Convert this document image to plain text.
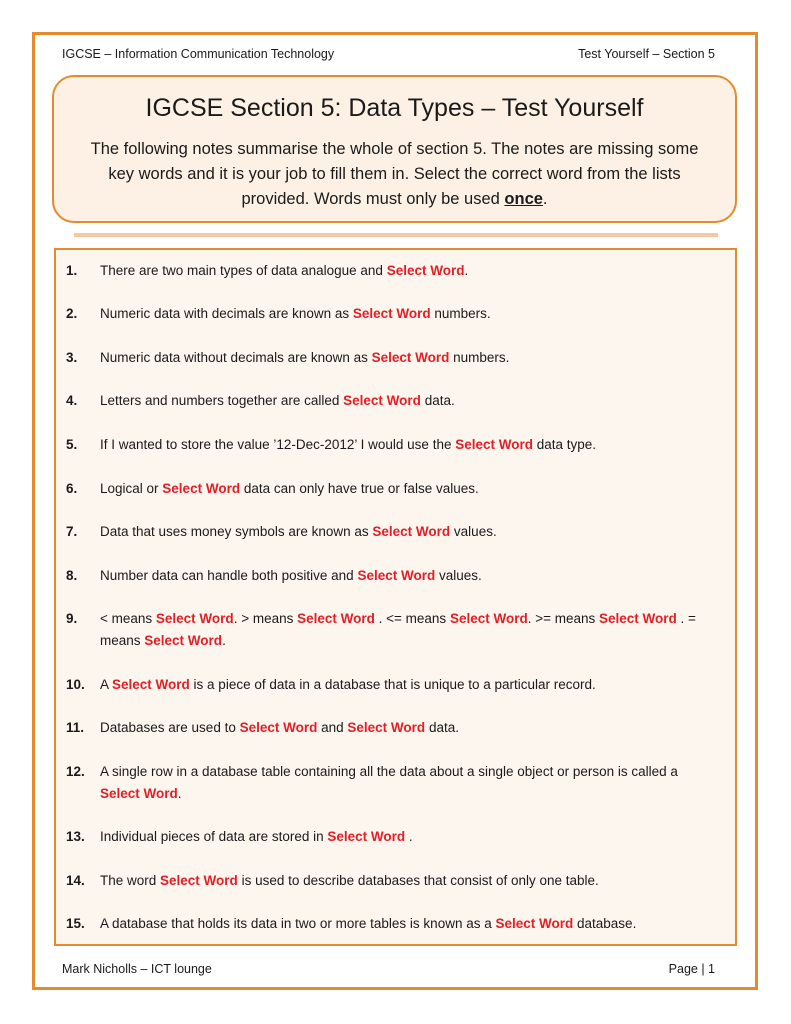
IGCSE – Information Communication Technology	Test Yourself – Section 5
IGCSE Section 5: Data Types – Test Yourself
The following notes summarise the whole of section 5. The notes are missing some key words and it is your job to fill them in. Select the correct word from the lists provided. Words must only be used once.
1.	There are two main types of data analogue and Select Word.
2.	Numeric data with decimals are known as Select Word numbers.
3.	Numeric data without decimals are known as Select Word numbers.
4.	Letters and numbers together are called Select Word data.
5.	If I wanted to store the value ’12-Dec-2012’ I would use the Select Word data type.
6.	Logical or Select Word data can only have true or false values.
7.	Data that uses money symbols are known as Select Word values.
8.	Number data can handle both positive and Select Word values.
9.	< means Select Word. > means Select Word . <= means Select Word. >= means Select Word . = means Select Word.
10.	A Select Word is a piece of data in a database that is unique to a particular record.
11.	Databases are used to Select Word and Select Word data.
12.	A single row in a database table containing all the data about a single object or person is called a Select Word.
13.	Individual pieces of data are stored in Select Word .
14.	The word Select Word is used to describe databases that consist of only one table.
15.	A database that holds its data in two or more tables is known as a Select Word database.
Mark Nicholls – ICT lounge	Page | 1
